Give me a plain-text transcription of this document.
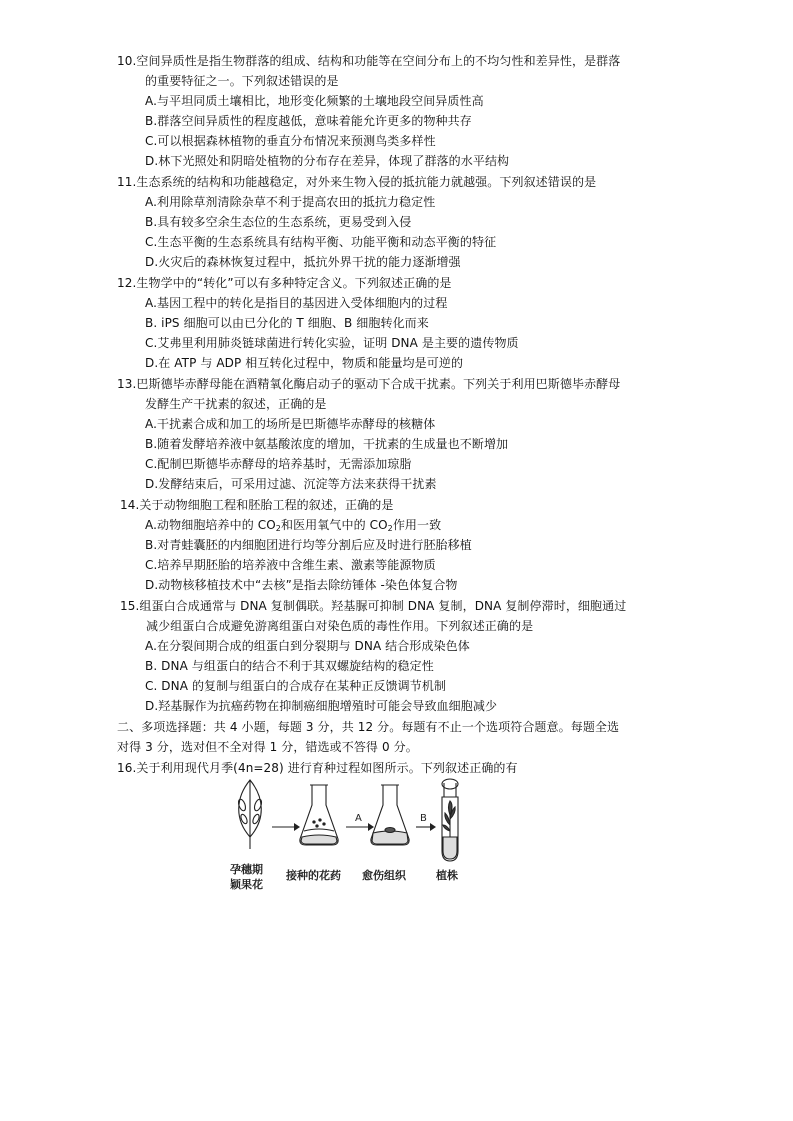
10.空间异质性是指生物群落的组成、结构和功能等在空间分布上的不均匀性和差异性，是群落
的重要特征之一。下列叙述错误的是
A.与平坦同质土壤相比，地形变化频繁的土壤地段空间异质性高
B.群落空间异质性的程度越低，意味着能允许更多的物种共存
C.可以根据森林植物的垂直分布情况来预测鸟类多样性
D.林下光照处和阴暗处植物的分布存在差异，体现了群落的水平结构
11.生态系统的结构和功能越稳定，对外来生物入侵的抵抗能力就越强。下列叙述错误的是
A.利用除草剂清除杂草不利于提高农田的抵抗力稳定性
B.具有较多空余生态位的生态系统，更易受到入侵
C.生态平衡的生态系统具有结构平衡、功能平衡和动态平衡的特征
D.火灾后的森林恢复过程中，抵抗外界干扰的能力逐渐增强
12.生物学中的“转化”可以有多种特定含义。下列叙述正确的是
A.基因工程中的转化是指目的基因进入受体细胞内的过程
B. iPS 细胞可以由已分化的 T 细胞、B 细胞转化而来
C.艾弗里利用肺炎链球菌进行转化实验，证明 DNA 是主要的遗传物质
D.在 ATP 与 ADP 相互转化过程中，物质和能量均是可逆的
13.巴斯德毕赤酵母能在酒精氧化酶启动子的驱动下合成干扰素。下列关于利用巴斯德毕赤酵母
发酵生产干扰素的叙述，正确的是
A.干扰素合成和加工的场所是巴斯德毕赤酵母的核糖体
B.随着发酵培养液中氨基酸浓度的增加，干扰素的生成量也不断增加
C.配制巴斯德毕赤酵母的培养基时，无需添加琼脂
D.发酵结束后，可采用过滤、沉淀等方法来获得干扰素
14.关于动物细胞工程和胚胎工程的叙述，正确的是
A.动物细胞培养中的 $CO_2$和医用氧气中的 $CO_2$作用一致
B.对青蛙囊胚的内细胞团进行均等分割后应及时进行胚胎移植
C.培养早期胚胎的培养液中含维生素、激素等能源物质
D.动物核移植技术中“去核”是指去除纺锤体 -染色体复合物
15.组蛋白合成通常与 DNA 复制偶联。羟基脲可抑制 DNA 复制，DNA 复制停滞时，细胞通过
减少组蛋白合成避免游离组蛋白对染色质的毒性作用。下列叙述正确的是
A.在分裂间期合成的组蛋白到分裂期与 DNA 结合形成染色体
B. DNA 与组蛋白的结合不利于其双螺旋结构的稳定性
C. DNA 的复制与组蛋白的合成存在某种正反馈调节机制
D.羟基脲作为抗癌药物在抑制癌细胞增殖时可能会导致血细胞减少
二、多项选择题：共 4 小题，每题 3 分，共 12 分。每题有不止一个选项符合题意。每题全选
对得 3 分，选对但不全对得 1 分，错选或不答得 0 分。
16.关于利用现代月季(4n=28) 进行育种过程如图所示。下列叙述正确的有
A	B
孕穗期
颖果花
接种的花药 愈伤组织	植株
